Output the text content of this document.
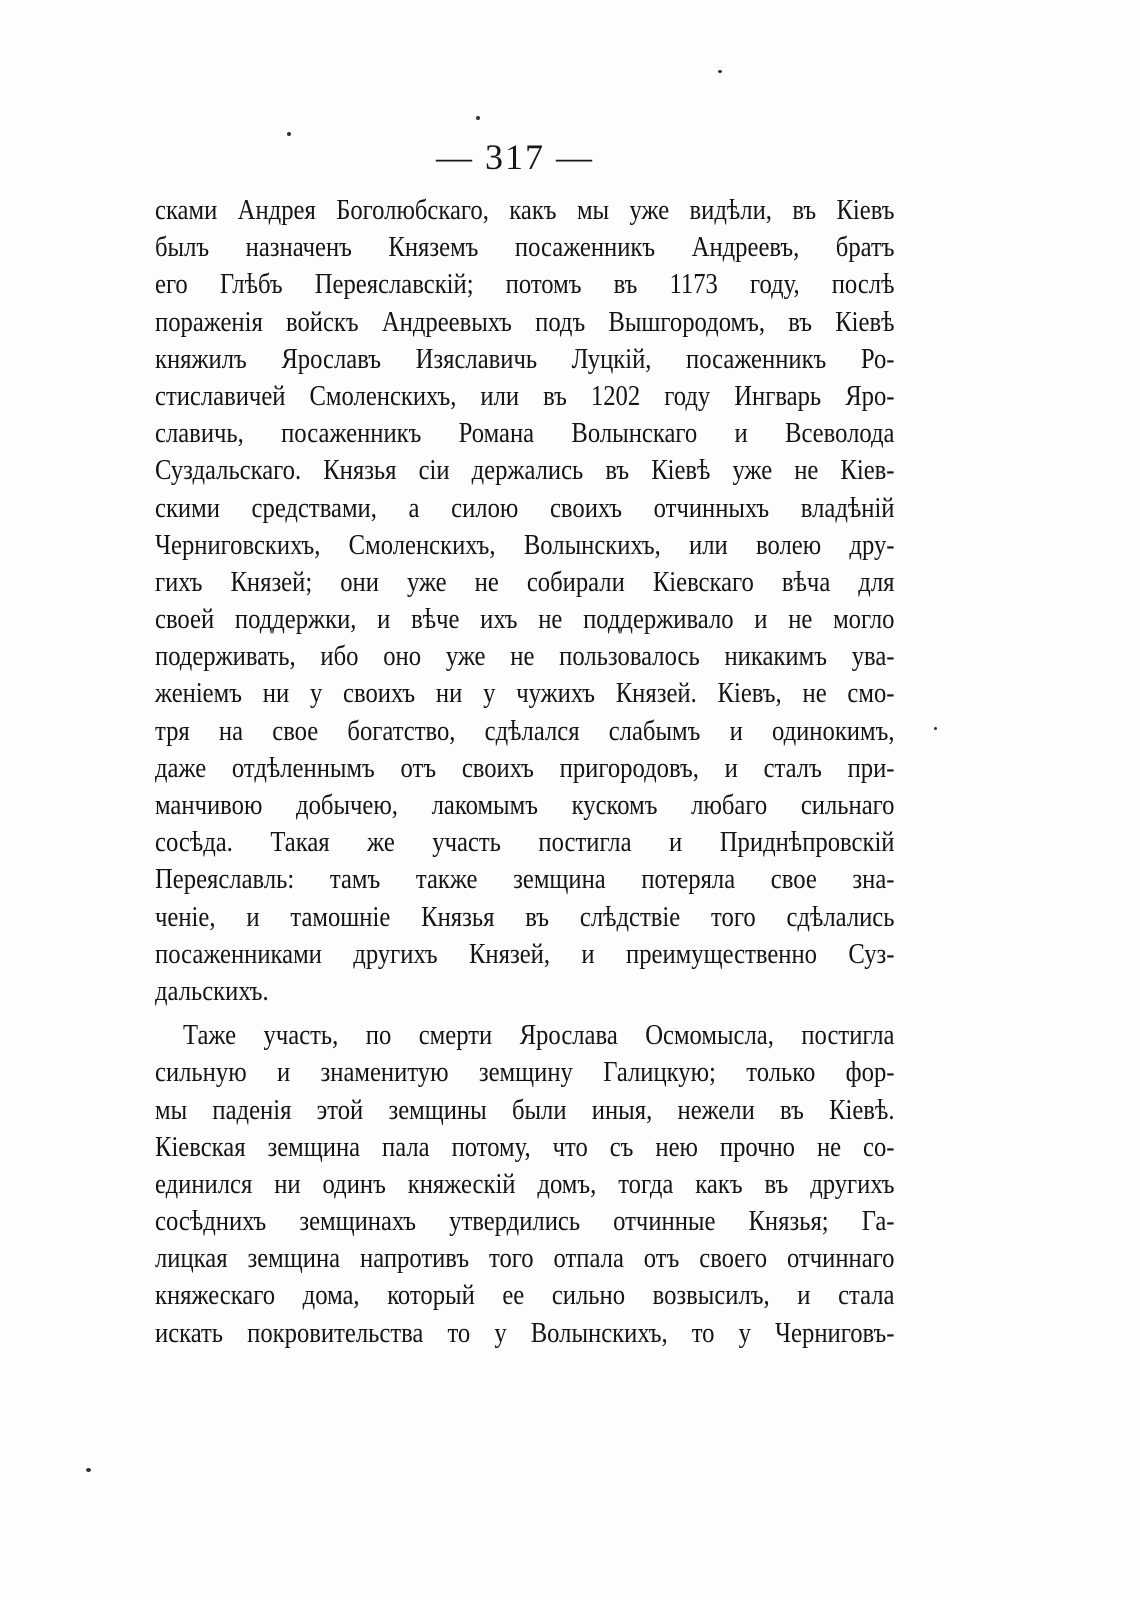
— 317 —
сками Андрея Боголюбскаго, какъ мы уже видѣли, въ Кіевъ
былъ назначенъ Княземъ посаженникъ Андреевъ, братъ
его Глѣбъ Переяславскій; потомъ въ 1173 году, послѣ
пораженія войскъ Андреевыхъ подъ Вышгородомъ, въ Кіевѣ
княжилъ Ярославъ Изяславичь Луцкій, посаженникъ Ро-
стиславичей Смоленскихъ, или въ 1202 году Ингварь Яро-
славичь, посаженникъ Романа Волынскаго и Всеволода
Суздальскаго. Князья сіи держались въ Кіевѣ уже не Кіев-
скими средствами, а силою своихъ отчинныхъ владѣній
Черниговскихъ, Смоленскихъ, Волынскихъ, или волею дру-
гихъ Князей; они уже не собирали Кіевскаго вѣча для
своей поддержки, и вѣче ихъ не поддерживало и не могло
подерживать, ибо оно уже не пользовалось никакимъ ува-
женіемъ ни у своихъ ни у чужихъ Князей. Кіевъ, не смо-
тря на свое богатство, сдѣлался слабымъ и одинокимъ,
даже отдѣленнымъ отъ своихъ пригородовъ, и сталъ при-
манчивою добычею, лакомымъ кускомъ любаго сильнаго
сосѣда. Такая же участь постигла и Приднѣпровскій
Переяславль: тамъ также земщина потеряла свое зна-
ченіе, и тамошніе Князья въ слѣдствіе того сдѣлались
посаженниками другихъ Князей, и преимущественно Суз-
дальскихъ.
Таже участь, по смерти Ярослава Осмомысла, постигла
сильную и знаменитую земщину Галицкую; только фор-
мы паденія этой земщины были иныя, нежели въ Кіевѣ.
Кіевская земщина пала потому, что съ нею прочно не со-
единился ни одинъ княжескій домъ, тогда какъ въ другихъ
сосѣднихъ земщинахъ утвердились отчинные Князья; Га-
лицкая земщина напротивъ того отпала отъ своего отчиннаго
княжескаго дома, который ее сильно возвысилъ, и стала
искать покровительства то у Волынскихъ, то у Черниговъ-
